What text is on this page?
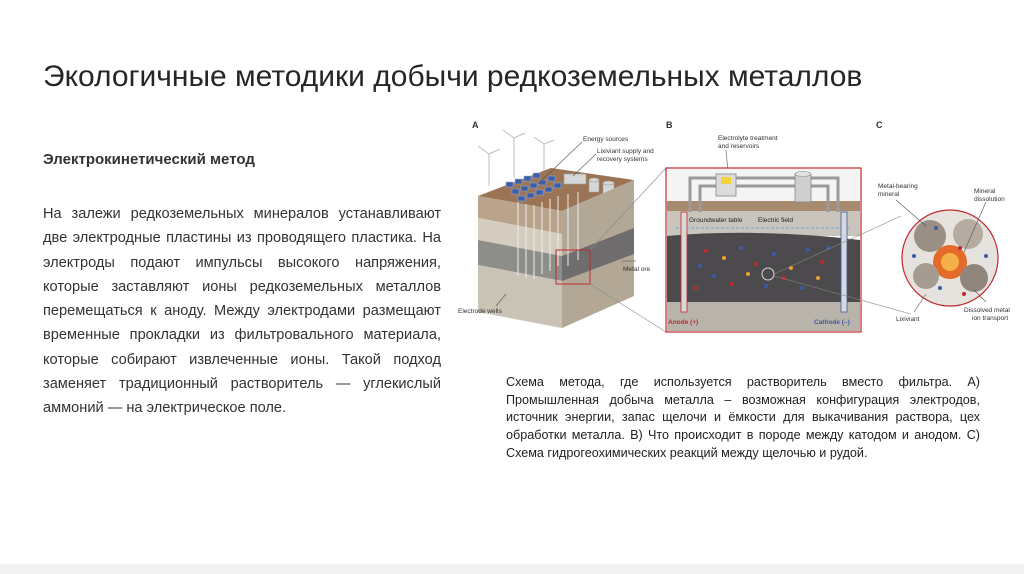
Экологичные методики добычи редкоземельных металлов
Электрокинетический метод
На залежи редкоземельных минералов устанавливают две электродные пластины из проводящего пластика. На электроды подают импульсы высокого напряжения, которые заставляют ионы редкоземельных металлов перемещаться к аноду. Между электродами размещают временные прокладки из фильтровального материала, которые собирают извлеченные ионы. Такой подход заменяет традиционный растворитель — углекислый аммоний — на электрическое поле.
A
Energy sources
Lixiviant supply and
recovery systems
Metal ore
Electrode wells
B
Electrolyte treatment
and reservoirs
Groundwater table Electric field
Anode (+)	Cathode (–)
C
Metal-bearing
mineral	Mineral
dissolution
Lixiviant
Dissolved metal
ion transport
Схема метода, где используется растворитель вместо фильтра. А) Промышленная добыча металла – возможная конфигурация электродов, источник энергии, запас щелочи и ёмкости для выкачивания раствора, цех обработки металла. В) Что происходит в породе между катодом и анодом. С) Схема гидрогеохимических реакций между щелочью и рудой.
